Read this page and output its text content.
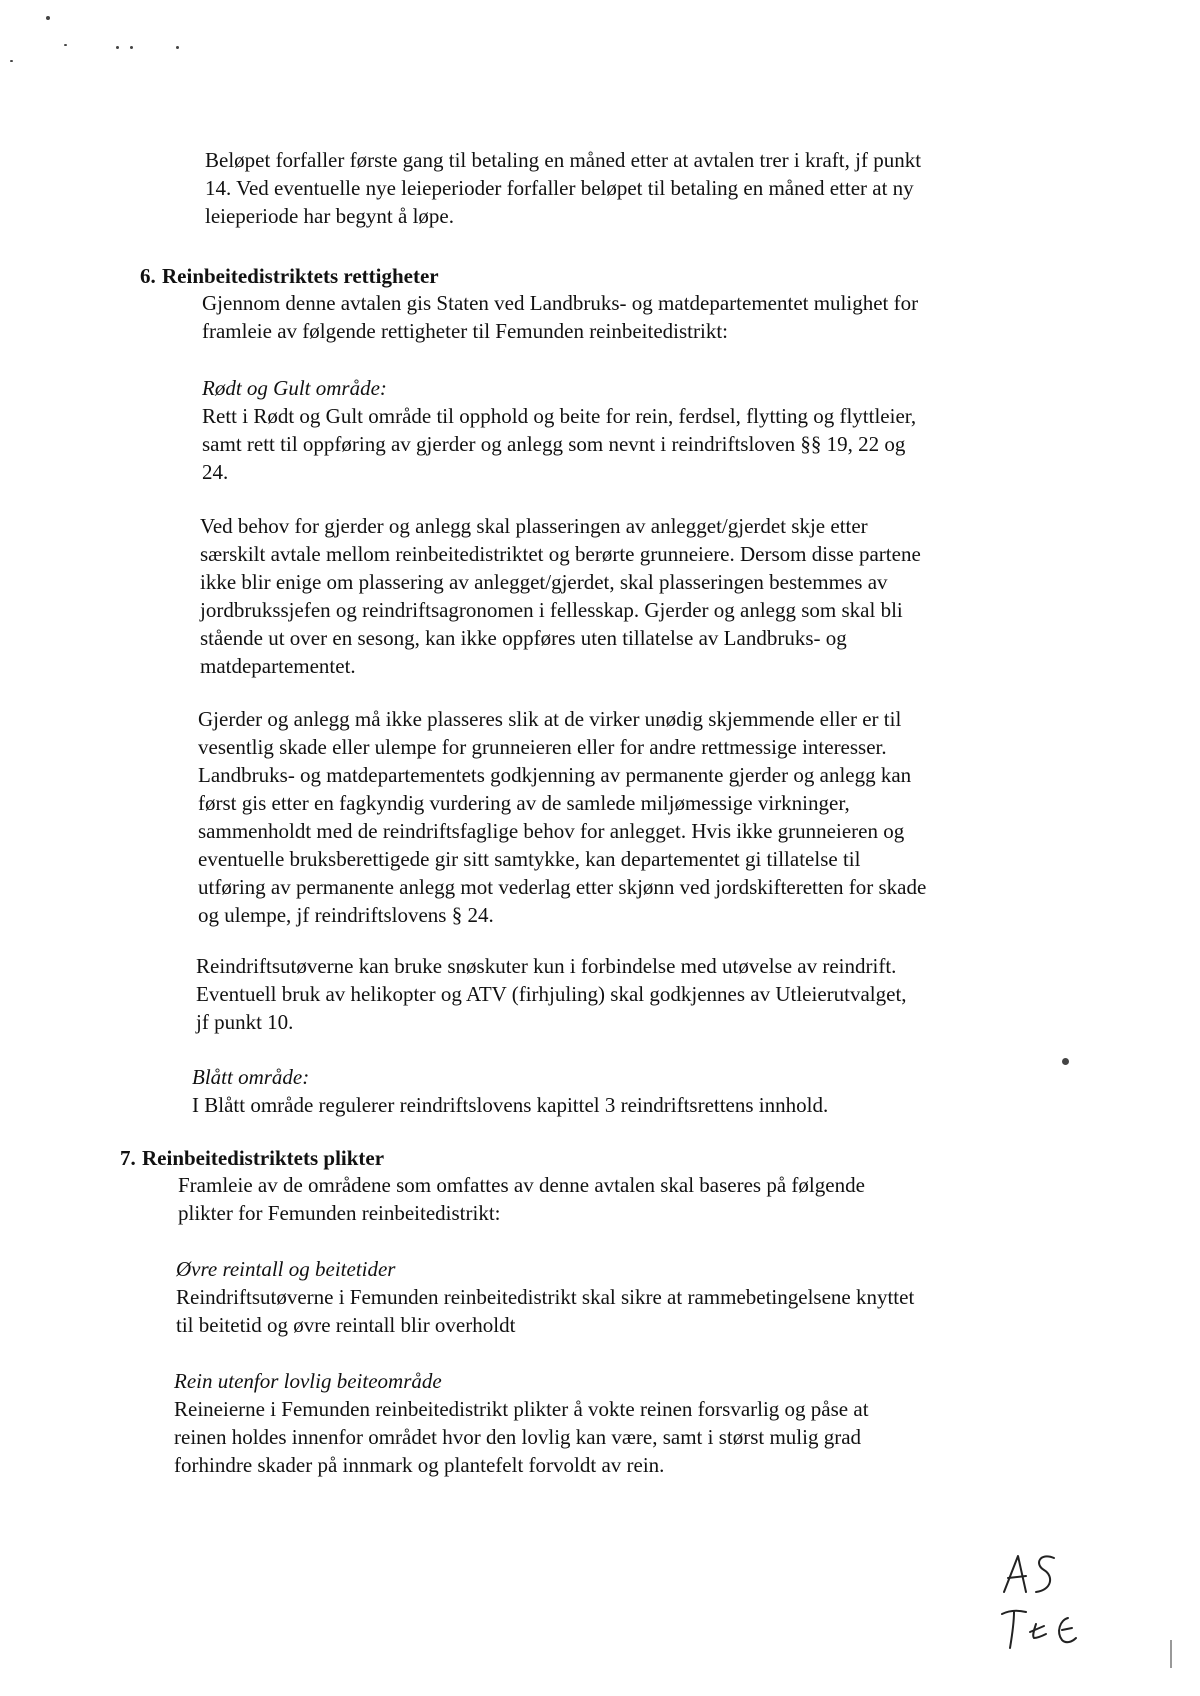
Beløpet forfaller første gang til betaling en måned etter at avtalen trer i kraft, jf punkt
14. Ved eventuelle nye leieperioder forfaller beløpet til betaling en måned etter at ny
leieperiode har begynt å løpe.
6. Reinbeitedistriktets rettigheter
Gjennom denne avtalen gis Staten ved Landbruks- og matdepartementet mulighet for
framleie av følgende rettigheter til Femunden reinbeitedistrikt:
Rødt og Gult område:
Rett i Rødt og Gult område til opphold og beite for rein, ferdsel, flytting og flyttleier,
samt rett til oppføring av gjerder og anlegg som nevnt i reindriftsloven §§ 19, 22 og
24.
Ved behov for gjerder og anlegg skal plasseringen av anlegget/gjerdet skje etter
særskilt avtale mellom reinbeitedistriktet og berørte grunneiere. Dersom disse partene
ikke blir enige om plassering av anlegget/gjerdet, skal plasseringen bestemmes av
jordbrukssjefen og reindriftsagronomen i fellesskap. Gjerder og anlegg som skal bli
stående ut over en sesong, kan ikke oppføres uten tillatelse av Landbruks- og
matdepartementet.
Gjerder og anlegg må ikke plasseres slik at de virker unødig skjemmende eller er til
vesentlig skade eller ulempe for grunneieren eller for andre rettmessige interesser.
Landbruks- og matdepartementets godkjenning av permanente gjerder og anlegg kan
først gis etter en fagkyndig vurdering av de samlede miljømessige virkninger,
sammenholdt med de reindriftsfaglige behov for anlegget. Hvis ikke grunneieren og
eventuelle bruksberettigede gir sitt samtykke, kan departementet gi tillatelse til
utføring av permanente anlegg mot vederlag etter skjønn ved jordskifteretten for skade
og ulempe, jf reindriftslovens § 24.
Reindriftsutøverne kan bruke snøskuter kun i forbindelse med utøvelse av reindrift.
Eventuell bruk av helikopter og ATV (firhjuling) skal godkjennes av Utleierutvalget,
jf punkt 10.
Blått område:
I Blått område regulerer reindriftslovens kapittel 3 reindriftsrettens innhold.
7. Reinbeitedistriktets plikter
Framleie av de områdene som omfattes av denne avtalen skal baseres på følgende
plikter for Femunden reinbeitedistrikt:
Øvre reintall og beitetider
Reindriftsutøverne i Femunden reinbeitedistrikt skal sikre at rammebetingelsene knyttet
til beitetid og øvre reintall blir overholdt
Rein utenfor lovlig beiteområde
Reineierne i Femunden reinbeitedistrikt plikter å vokte reinen forsvarlig og påse at
reinen holdes innenfor området hvor den lovlig kan være, samt i størst mulig grad
forhindre skader på innmark og plantefelt forvoldt av rein.
